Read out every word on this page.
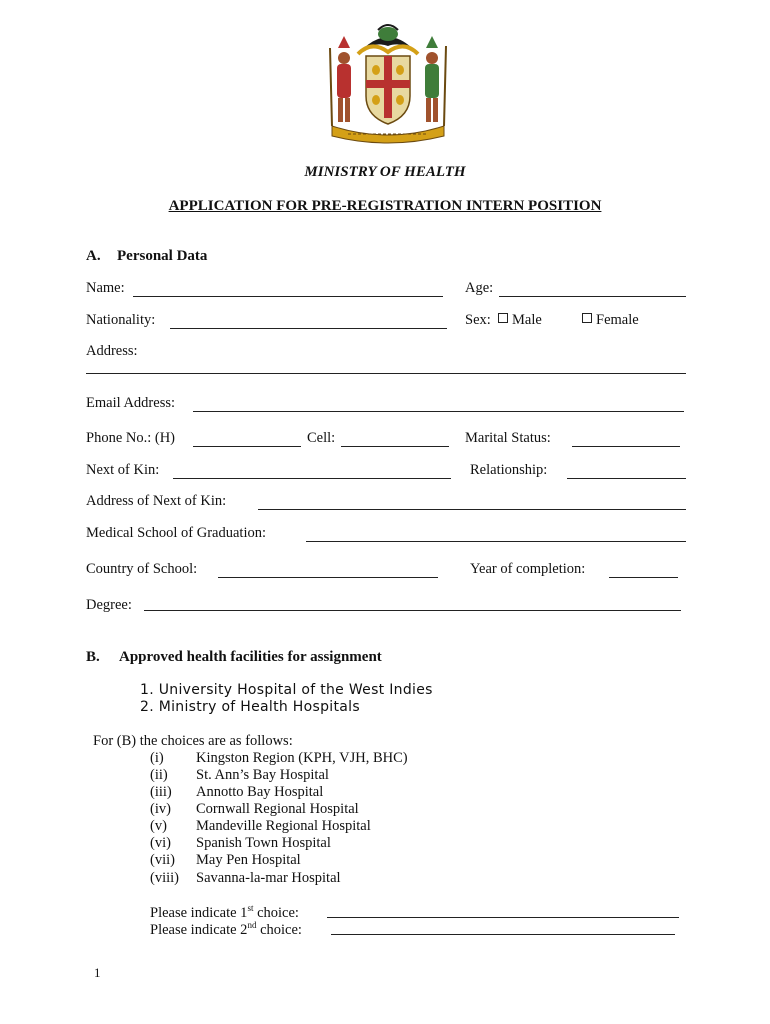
MINISTRY OF HEALTH
APPLICATION FOR PRE-REGISTRATION INTERN POSITION
A. Personal Data
Name:	Age:
Nationality:	Sex:	Male	Female
Address:
Email Address:
Phone No.: (H)	Cell:	Marital Status:
Next of Kin:	Relationship:
Address of Next of Kin:
Medical School of Graduation:
Country of School:	Year of completion:
Degree:
B. Approved health facilities for assignment
1. University Hospital of the West Indies
2. Ministry of Health Hospitals
For (B) the choices are as follows:
(i) Kingston Region (KPH, VJH, BHC)
(ii) St. Ann’s Bay Hospital
(iii) Annotto Bay Hospital
(iv) Cornwall Regional Hospital
(v) Mandeville Regional Hospital
(vi) Spanish Town Hospital
(vii) May Pen Hospital
(viii) Savanna-la-mar Hospital
Please indicate 1st choice:
Please indicate 2nd choice:
1
